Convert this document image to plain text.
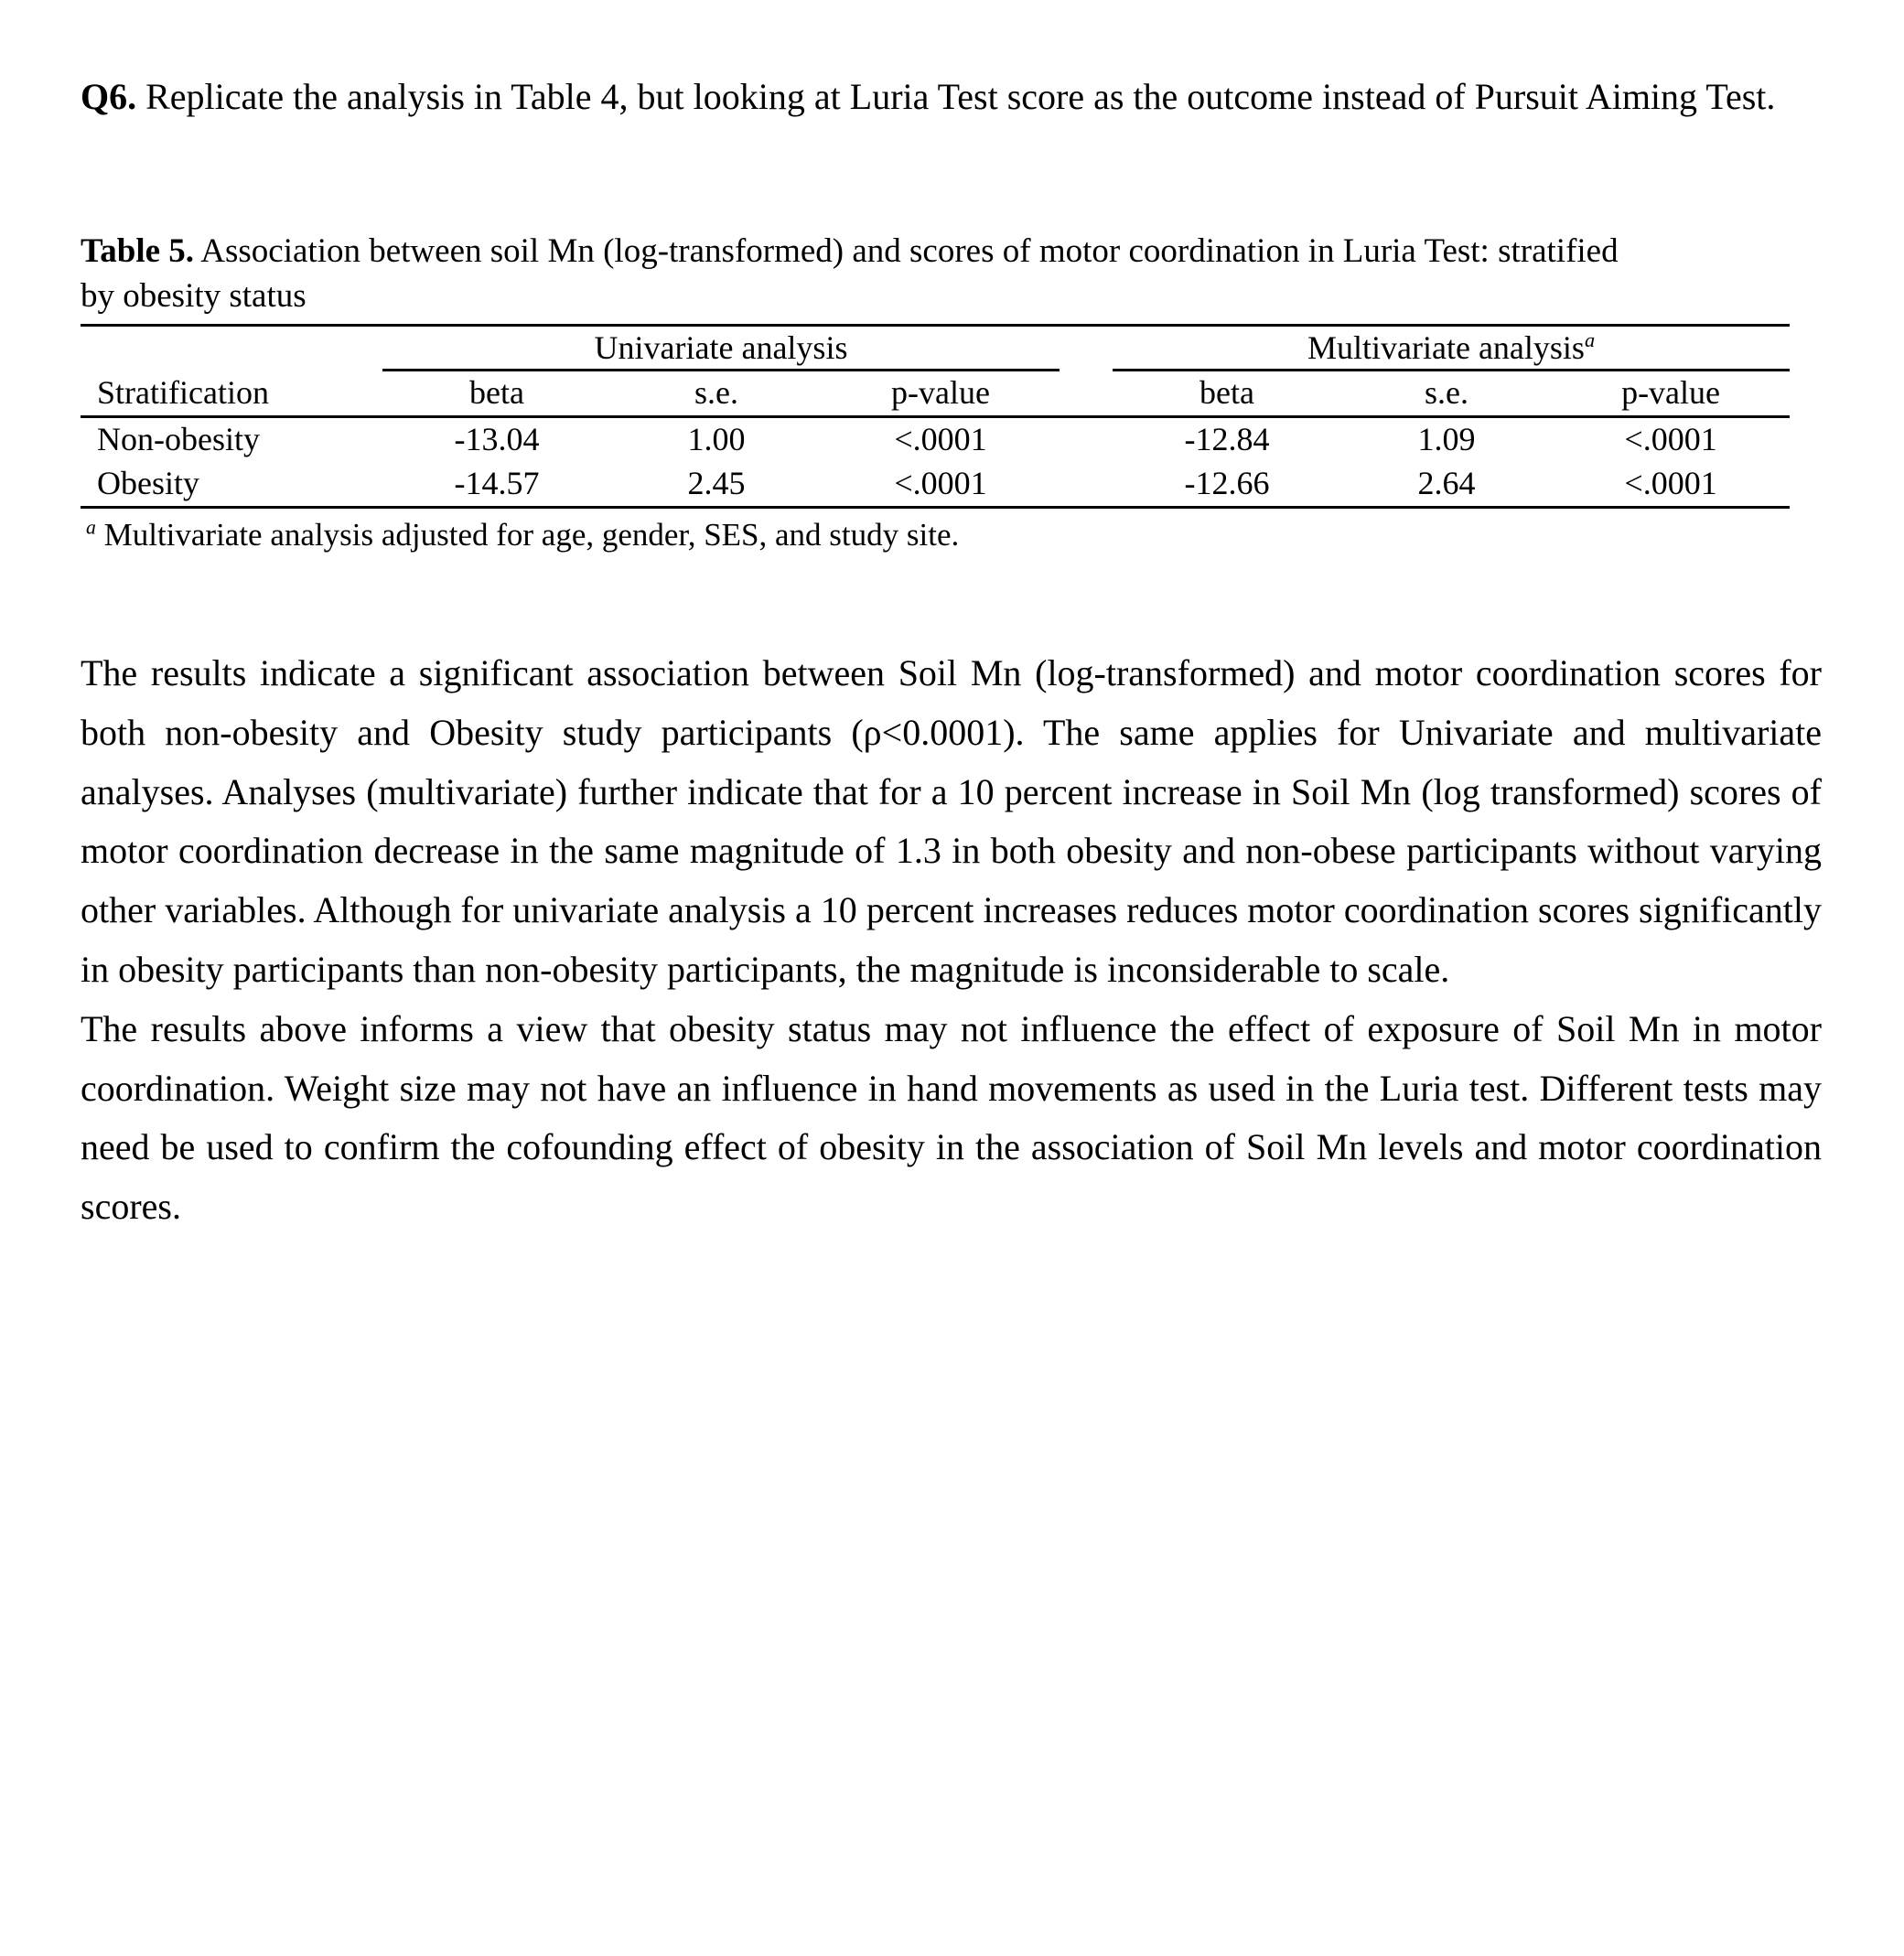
Q6. Replicate the analysis in Table 4, but looking at Luria Test score as the outcome instead of Pursuit Aiming Test.

Table 5. Association between soil Mn (log-transformed) and scores of motor coordination in Luria Test: stratified by obesity status

	Univariate analysis				Multivariate analysis$^a$
Stratification	beta	s.e.	p-value		beta	s.e.	p-value
Non-obesity	-13.04	1.00	<.0001		-12.84	1.09	<.0001
Obesity	-14.57	2.45	<.0001		-12.66	2.64	<.0001

$^a$ Multivariate analysis adjusted for age, gender, SES, and study site.

The results indicate a significant association between Soil Mn (log-transformed) and motor coordination scores for both non-obesity and Obesity study participants (ρ<0.0001). The same applies for Univariate and multivariate analyses. Analyses (multivariate) further indicate that for a 10 percent increase in Soil Mn (log transformed) scores of motor coordination decrease in the same magnitude of 1.3 in both obesity and non-obese participants without varying other variables. Although for univariate analysis a 10 percent increases reduces motor coordination scores significantly in obesity participants than non-obesity participants, the magnitude is inconsiderable to scale.

The results above informs a view that obesity status may not influence the effect of exposure of Soil Mn in motor coordination. Weight size may not have an influence in hand movements as used in the Luria test. Different tests may need be used to confirm the cofounding effect of obesity in the association of Soil Mn levels and motor coordination scores.
